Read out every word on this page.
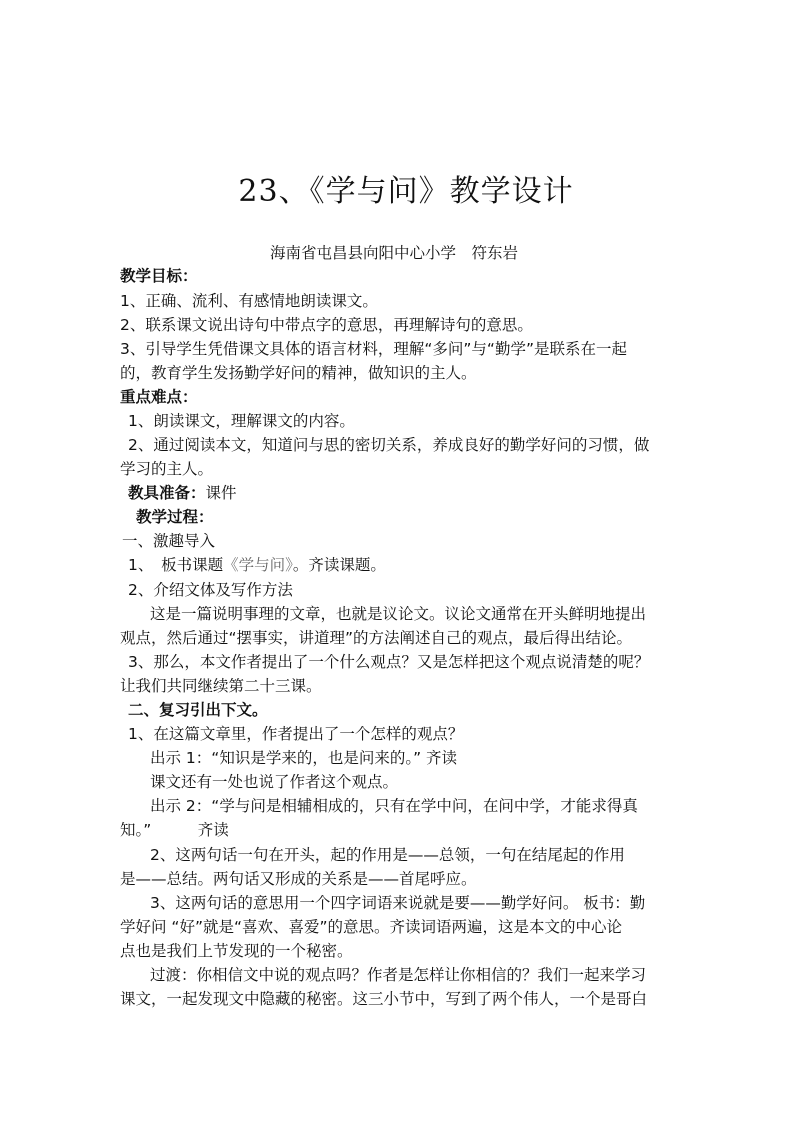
23、《学与问》教学设计
海南省屯昌县向阳中心小学　符东岩
教学目标：
1、正确、流利、有感情地朗读课文。
2、联系课文说出诗句中带点字的意思，再理解诗句的意思。
3、引导学生凭借课文具体的语言材料，理解“多问”与“勤学”是联系在一起
的，教育学生发扬勤学好问的精神，做知识的主人。
重点难点：
1、朗读课文，理解课文的内容。
2、通过阅读本文，知道问与思的密切关系，养成良好的勤学好问的习惯，做
学习的主人。
教具准备：课件
教学过程：
一、激趣导入
1、　板书课题《学与问》。齐读课题。
2、介绍文体及写作方法
这是一篇说明事理的文章，也就是议论文。议论文通常在开头鲜明地提出
观点，然后通过“摆事实，讲道理”的方法阐述自己的观点，最后得出结论。
3、那么，本文作者提出了一个什么观点？又是怎样把这个观点说清楚的呢？
让我们共同继续第二十三课。
二、复习引出下文。
1、在这篇文章里，作者提出了一个怎样的观点？
出示 1：“知识是学来的，也是问来的。” 齐读
课文还有一处也说了作者这个观点。
出示 2：“学与问是相辅相成的，只有在学中问，在问中学，才能求得真
知。”　　　齐读
2、这两句话一句在开头，起的作用是——总领，一句在结尾起的作用
是——总结。两句话又形成的关系是——首尾呼应。
3、这两句话的意思用一个四字词语来说就是要——勤学好问。 板书：勤
学好问 “好”就是“喜欢、喜爱”的意思。齐读词语两遍，这是本文的中心论
点也是我们上节发现的一个秘密。
过渡：你相信文中说的观点吗？作者是怎样让你相信的？我们一起来学习
课文，一起发现文中隐藏的秘密。这三小节中，写到了两个伟人，一个是哥白
